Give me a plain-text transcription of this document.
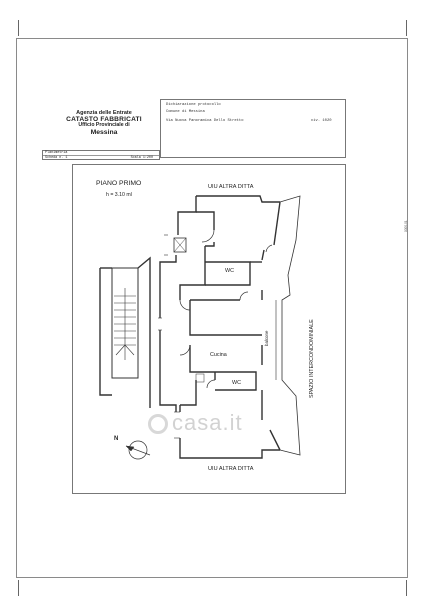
Agenzia delle Entrate
CATASTO FABBRICATI
Ufficio Provinciale di
Messina
Dichiarazione protocollo
Comune di Messina
Via Nuova Panoramica Dello Stretto	civ. 1020
Planimetria
Scheda n. 1	Scala 1:200
0000-01
PIANO PRIMO
h = 3.10 ml
UIU ALTRA DITTA
UIU ALTRA DITTA
WC
WC
Cucina
balcone	SPAZIO INTERCONDOMINIALE
N
casa.it
